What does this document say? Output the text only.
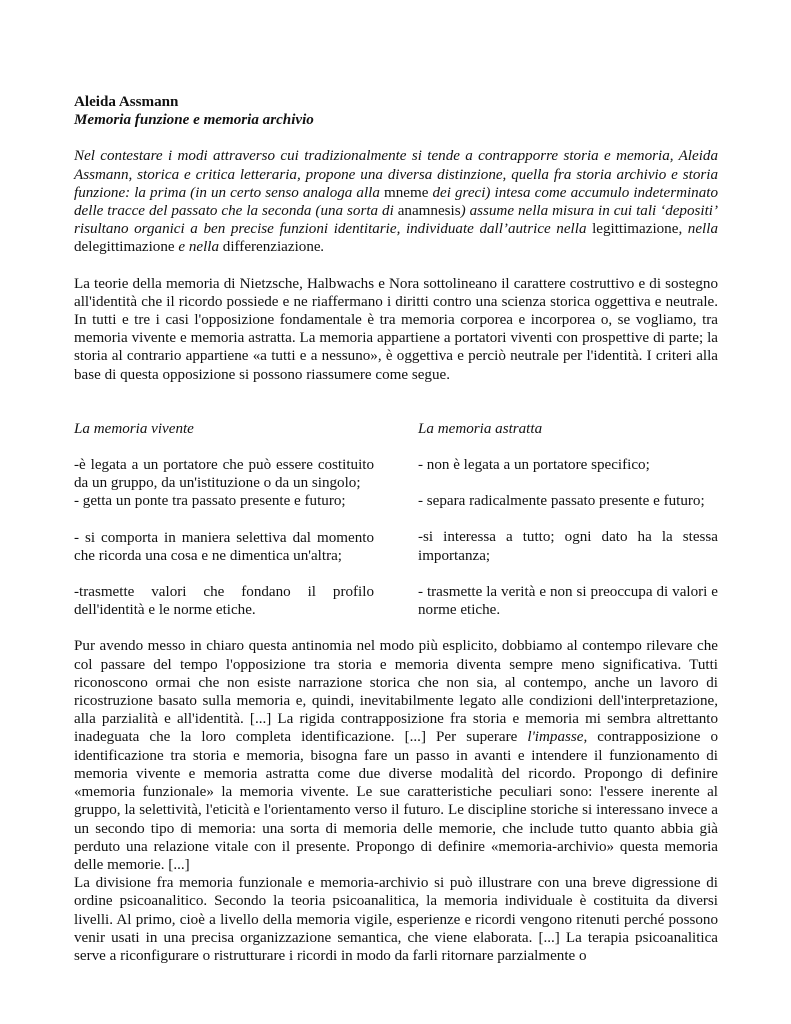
Aleida Assmann

Memoria funzione e memoria archivio

Nel contestare i modi attraverso cui tradizionalmente si tende a contrapporre storia e memoria, Aleida Assmann, storica e critica letteraria, propone una diversa distinzione, quella fra storia archivio e storia funzione: la prima (in un certo senso analoga alla mneme dei greci) intesa come accumulo indeterminato delle tracce del passato che la seconda (una sorta di anamnesis) assume nella misura in cui tali ‘depositi’ risultano organici a ben precise funzioni identitarie, individuate dall’autrice nella legittimazione, nella delegittimazione e nella differenziazione.

La teorie della memoria di Nietzsche, Halbwachs e Nora sottolineano il carattere costruttivo e di sostegno all'identità che il ricordo possiede e ne riaffermano i diritti contro una scienza storica oggettiva e neutrale. In tutti e tre i casi l'opposizione fondamentale è tra memoria corporea e incorporea o, se vogliamo, tra memoria vivente e memoria astratta. La memoria appartiene a portatori viventi con prospettive di parte; la storia al contrario appartiene «a tutti e a nessuno», è oggettiva e perciò neutrale per l'identità. I criteri alla base di questa opposizione si possono riassumere come segue.

La memoria vivente

-è legata a un portatore che può essere costituito da un gruppo, da un'istituzione o da un singolo;

- getta un ponte tra passato presente e futuro;

- si comporta in maniera selettiva dal momento che ricorda una cosa e ne dimentica un'altra;

-trasmette valori che fondano il profilo dell'identità e le norme etiche.

La memoria astratta

- non è legata a un portatore specifico;

- separa radicalmente passato presente e futuro;

-si interessa a tutto; ogni dato ha la stessa importanza;

- trasmette la verità e non si preoccupa di valori e norme etiche.

Pur avendo messo in chiaro questa antinomia nel modo più esplicito, dobbiamo al contempo rilevare che col passare del tempo l'opposizione tra storia e memoria diventa sempre meno significativa. Tutti riconoscono ormai che non esiste narrazione storica che non sia, al contempo, anche un lavoro di ricostruzione basato sulla memoria e, quindi, inevitabilmente legato alle condizioni dell'interpretazione, alla parzialità e all'identità. [...] La rigida contrapposizione fra storia e memoria mi sembra altrettanto inadeguata che la loro completa identificazione. [...] Per superare l'impasse, contrapposizione o identificazione tra storia e memoria, bisogna fare un passo in avanti e intendere il funzionamento di memoria vivente e memoria astratta come due diverse modalità del ricordo. Propongo di definire «memoria funzionale» la memoria vivente. Le sue caratteristiche peculiari sono: l'essere inerente al gruppo, la selettività, l'eticità e l'orientamento verso il futuro. Le discipline storiche si interessano invece a un secondo tipo di memoria: una sorta di memoria delle memorie, che include tutto quanto abbia già perduto una relazione vitale con il presente. Propongo di definire «memoria-archivio» questa memoria delle memorie. [...]

La divisione fra memoria funzionale e memoria-archivio si può illustrare con una breve digressione di ordine psicoanalitico. Secondo la teoria psicoanalitica, la memoria individuale è costituita da diversi livelli. Al primo, cioè a livello della memoria vigile, esperienze e ricordi vengono ritenuti perché possono venir usati in una precisa organizzazione semantica, che viene elaborata. [...] La terapia psicoanalitica serve a riconfigurare o ristrutturare i ricordi in modo da farli ritornare parzialmente o
